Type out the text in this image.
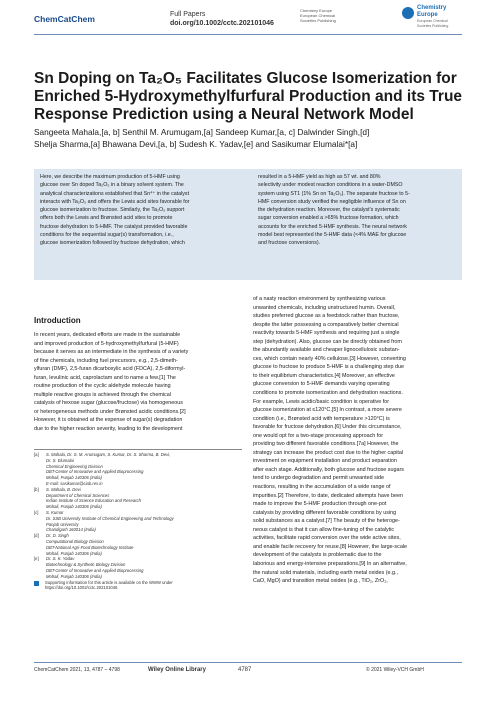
ChemCatChem	Full Papers
doi.org/10.1002/cctc.202101046
Chemistry Europe
European Chemical
Societies Publishing
Chemistry
Europe
European Chemical
Societies Publishing
Sn Doping on Ta₂O₅ Facilitates Glucose Isomerization for
Enriched 5-Hydroxymethylfurfural Production and its True
Response Prediction using a Neural Network Model
Sangeeta Mahala,[a, b] Senthil M. Arumugam,[a] Sandeep Kumar,[a, c] Dalwinder Singh,[d]
Shelja Sharma,[a] Bhawana Devi,[a, b] Sudesh K. Yadav,[e] and Sasikumar Elumalai*[a]
Here, we describe the maximum production of 5-HMF using
glucose over Sn doped Ta₂O₅ in a binary solvent system. The
analytical characterizations established that Sn⁴⁺ in the catalyst
interacts with Ta₂O₅ and offers the Lewis acid sites favorable for
glucose isomerization to fructose. Similarly, the Ta₂O₅ support
offers both the Lewis and Brønsted acid sites to promote
fructose dehydration to 5-HMF. The catalyst provided favorable
conditions for the sequential sugar(s) transformation, i.e.,
glucose isomerization followed by fructose dehydration, which
resulted in a 5-HMF yield as high as 57 wt. and 80%
selectivity under modest reaction conditions in a water-DMSO
system using ST1 (1% Sn on Ta₂O₅). The separate fructose to 5-
HMF conversion study verified the negligible influence of Sn on
the dehydration reaction. Moreover, the catalyst's systematic
sugar conversion enabled a >65% fructose formation, which
accounts for the enriched 5-HMF synthesis. The neural network
model best represented the 5-HMF data (<4% MAE for glucose
and fructose conversions).
Introduction
In recent years, dedicated efforts are made in the sustainable
and improved production of 5-hydroxymethylfurfural (5-HMF)
because it serves as an intermediate in the synthesis of a variety
of fine chemicals, including fuel precursors, e.g., 2,5-dimeth-
ylfuran (DMF), 2,5-furan dicarboxylic acid (FDCA), 2,5-diformyl-
furan, levulinic acid, caprolactam and to name a few.[1] The
routine production of the cyclic aldehyde molecule having
multiple reactive groups is achieved through the chemical
catalysis of hexose sugar (glucose/fructose) via homogeneous
or heterogeneous methods under Brønsted acidic conditions.[2]
However, it is obtained at the expense of sugar(s) degradation
due to the higher reaction severity, leading to the development
of a nasty reaction environment by synthesizing various
unwanted chemicals, including unstructured humin. Overall,
studies preferred glucose as a feedstock rather than fructose,
despite the latter possessing a comparatively better chemical
reactivity towards 5-HMF synthesis and requiring just a single
step (dehydration). Also, glucose can be directly obtained from
the abundantly available and cheaper lignocellulosic substan-
ces, which contain nearly 40% cellulose.[3] However, converting
glucose to fructose to produce 5-HMF is a challenging step due
to their equilibrium characteristics.[4] Moreover, an effective
glucose conversion to 5-HMF demands varying operating
conditions to promote isomerization and dehydration reactions.
For example, Lewis acidic/basic condition is operative for
glucose isomerization at ≤120°C.[5] In contrast, a more severe
condition (i.e., Brønsted acid with temperature >120°C) is
favorable for fructose dehydration.[6] Under this circumstance,
one would opt for a two-stage processing approach for
providing two different favorable conditions.[7a] However, the
strategy can increase the product cost due to the higher capital
investment on equipment installation and product separation
after each stage. Additionally, both glucose and fructose sugars
tend to undergo degradation and permit unwanted side
reactions, resulting in the accumulation of a wide range of
impurities.[2] Therefore, to date, dedicated attempts have been
made to improve the 5-HMF production through one-pot
catalysis by providing different favorable conditions by using
solid substances as a catalyst.[7] The beauty of the heteroge-
neous catalyst is that it can allow fine-tuning of the catalytic
activities, facilitate rapid conversion over the wide active sites,
and enable facile recovery for reuse.[8] However, the large-scale
development of the catalysts is problematic due to the
laborious and energy-intensive preparations.[9] In an alternative,
the natural solid materials, including earth metal oxides (e.g.,
CaO, MgO) and transition metal oxides (e.g., TiO₂, ZrO₂,
[a] S. Mahala, Dr. S. M. Arumugam, S. Kumar, Dr. S. Sharma, B. Devi,
Dr. S. Elumalai
Chemical Engineering Division
DBT-Center of Innovative and Applied Bioprocessing
Mohali, Punjab 140306 (India)
E-mail: sasikumar@ciab.res.in
[b] S. Mahala, B. Devi
Department of Chemical Sciences
Indian Institute of Science Education and Research
Mohali, Punjab 140306 (India)
[c] S. Kumar
Dr. SSB University Institute of Chemical Engineering and Technology
Panjab University
Chandigarh 160014 (India)
[d] Dr. D. Singh
Computational Biology Division
DBT-National Agri-Food Biotechnology Institute
Mohali, Punjab 140306 (India)
[e] Dr. S. K. Yadav
Biotechnology & Synthetic Biology Division
DBT-Center of Innovative and Applied Bioprocessing
Mohali, Punjab 140306 (India)
Supporting information for this article is available on the WWW under
https://doi.org/10.1002/cctc.202101046
ChemCatChem 2021, 13, 4787 – 4798	Wiley Online Library	4787	© 2021 Wiley-VCH GmbH
